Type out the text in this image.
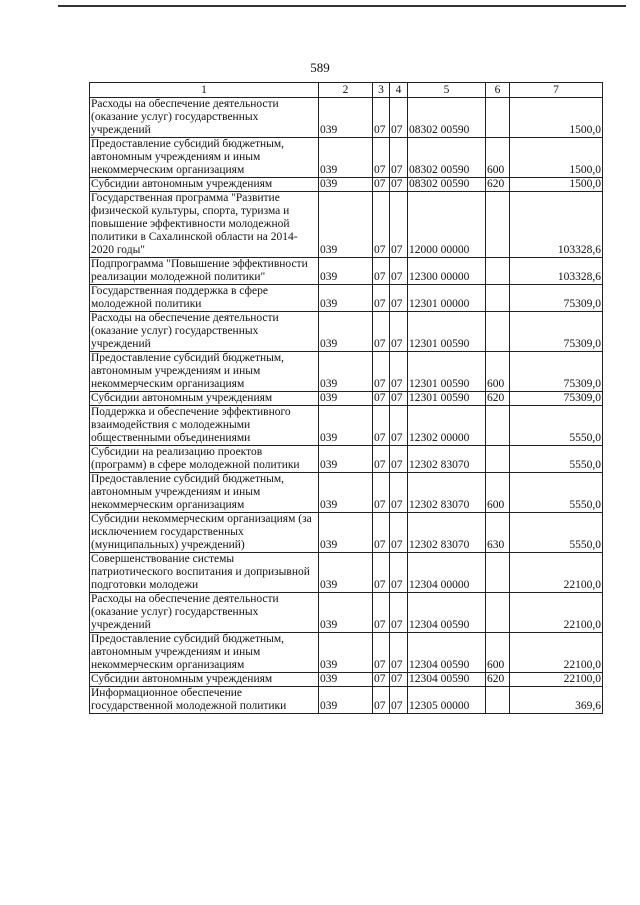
589
1	2	3	4	5	6	7
Расходы на обеспечение деятельности (оказание услуг) государственных учреждений	039	07	07	08302 00590		1500,0
Предоставление субсидий бюджетным, автономным учреждениям и иным некоммерческим организациям	039	07	07	08302 00590	600	1500,0
Субсидии автономным учреждениям	039	07	07	08302 00590	620	1500,0
Государственная программа "Развитие физической культуры, спорта, туризма и повышение эффективности молодежной политики в Сахалинской области на 2014-2020 годы"	039	07	07	12000 00000		103328,6
Подпрограмма "Повышение эффективности реализации молодежной политики"	039	07	07	12300 00000		103328,6
Государственная поддержка в сфере молодежной политики	039	07	07	12301 00000		75309,0
Расходы на обеспечение деятельности (оказание услуг) государственных учреждений	039	07	07	12301 00590		75309,0
Предоставление субсидий бюджетным, автономным учреждениям и иным некоммерческим организациям	039	07	07	12301 00590	600	75309,0
Субсидии автономным учреждениям	039	07	07	12301 00590	620	75309,0
Поддержка и обеспечение эффективного взаимодействия с молодежными общественными объединениями	039	07	07	12302 00000		5550,0
Субсидии на реализацию проектов (программ) в сфере молодежной политики	039	07	07	12302 83070		5550,0
Предоставление субсидий бюджетным, автономным учреждениям и иным некоммерческим организациям	039	07	07	12302 83070	600	5550,0
Субсидии некоммерческим организациям (за исключением государственных (муниципальных) учреждений)	039	07	07	12302 83070	630	5550,0
Совершенствование системы патриотического воспитания и допризывной подготовки молодежи	039	07	07	12304 00000		22100,0
Расходы на обеспечение деятельности (оказание услуг) государственных учреждений	039	07	07	12304 00590		22100,0
Предоставление субсидий бюджетным, автономным учреждениям и иным некоммерческим организациям	039	07	07	12304 00590	600	22100,0
Субсидии автономным учреждениям	039	07	07	12304 00590	620	22100,0
Информационное обеспечение государственной молодежной политики	039	07	07	12305 00000		369,6
